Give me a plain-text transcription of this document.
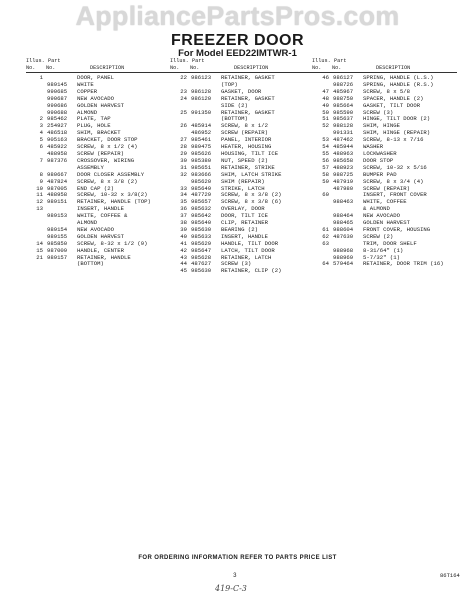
AppliancePartsPros.com
FREEZER DOOR
For Model EED22IMTWR-1
Illus.
No.
Part
No.	DESCRIPTION
1	DOOR, PANEL
989145	WHITE
990685	COPPER
990687	NEW AVOCADO
990686	GOLDEN HARVEST
990688	ALMOND
2 985462	PLATE, TAP
3 254927	PLUG, HOLE
4 486518	SHIM, BRACKET
5 905163	BRACKET, DOOR STOP
6 485922	SCREW, 8 x 1/2 (4)
488958	SCREW (REPAIR)
7 987376	CROSSOVER, WIRING
ASSEMBLY
8 980667	DOOR CLOSER ASSEMBLY
9 487824	SCREW, 8 x 3/8 (2)
10 987005	END CAP (2)
11 488958	SCREW, 10-32 x 3/8(2)
12 989151	RETAINER, HANDLE (TOP)
13	INSERT, HANDLE
989153	WHITE, COFFEE &
ALMOND
989154	NEW AVOCADO
989155	GOLDEN HARVEST
14 985850	SCREW, 8-32 x 1/2 (9)
15 987009	HANDLE, CENTER
21 989157	RETAINER, HANDLE
(BOTTOM)
Illus.
No.
Part
No.	DESCRIPTION
22 986123	RETAINER, GASKET
(TOP)
23 986128	GASKET, DOOR
24 986120	RETAINER, GASKET
SIDE (2)
25 991350	RETAINER, GASKET
(BOTTOM)
26 485914	SCREW, 8 x 1/2
486952	SCREW (REPAIR)
27 985461	PANEL, INTERIOR
28 989475	HEATER, HOUSING
29 985626	HOUSING, TILT ICE
30 985380	NUT, SPEED (2)
31 985651	RETAINER, STRIKE
32 983666	SHIM, LATCH STRIKE
985620	SHIM (REPAIR)
33 985649	STRIKE, LATCH
34 487729	SCREW, 8 x 3/8 (2)
35 985657	SCREW, 8 x 3/8 (6)
36 985632	OVERLAY, DOOR
37 985642	DOOR, TILT ICE
38 985640	CLIP, RETAINER
39 985630	BEARING (2)
40 985633	INSERT, HANDLE
41 985629	HANDLE, TILT DOOR
42 985647	LATCH, TILT DOOR
43 985628	RETAINER, LATCH
44 487627	SCREW (3)
45 985630	RETAINER, CLIP (2)
Illus.
No.
Part
No.	DESCRIPTION
46 986127	SPRING, HANDLE (L.S.)
988726	SPRING, HANDLE (R.S.)
47 485967	SCREW, 8 x 5/8
48 988750	SPACER, HANDLE (2)
49 985664	GASKET, TILT DOOR
50 985590	SCREW (3)
51 985637	HINGE, TILT DOOR (2)
52 988128	SHIM, HINGE
991331	SHIM, HINGE (REPAIR)
53 487462	SCREW, 8-13 x 7/16
54 485944	WASHER
55 488963	LOCKWASHER
56 985658	DOOR STOP
57 488923	SCREW, 10-32 x 5/16
58 988725	BUMPER PAD
59 487919	SCREW, 8 x 3/4 (4)
487980	SCREW (REPAIR)
60	INSERT, FRONT COVER
988463	WHITE, COFFEE
& ALMOND
988464	NEW AVOCADO
988465	GOLDEN HARVEST
61 988604	FRONT COVER, HOUSING
62 487630	SCREW (2)
63	TRIM, DOOR SHELF
988968	8-31/64" (1)
988969	5-7/32" (1)
64 579464	RETAINER, DOOR TRIM (16)
FOR ORDERING INFORMATION REFER TO PARTS PRICE LIST
3	86T164
419-C-3
